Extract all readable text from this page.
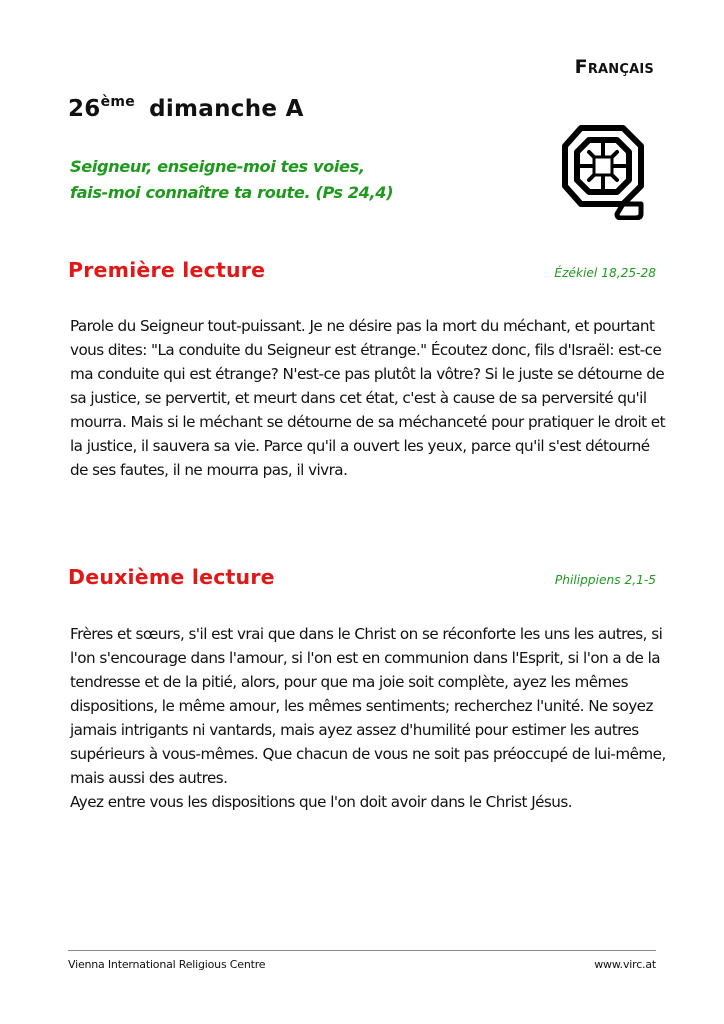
Français
26ème dimanche A
Seigneur, enseigne-moi tes voies,
fais-moi connaître ta route. (Ps 24,4)
Première lecture	Ézékiel 18,25-28

Parole du Seigneur tout-puissant. Je ne désire pas la mort du méchant, et pourtant vous dites: "La conduite du Seigneur est étrange." Écoutez donc, fils d'Israël: est-ce ma conduite qui est étrange? N'est-ce pas plutôt la vôtre? Si le juste se détourne de sa justice, se pervertit, et meurt dans cet état, c'est à cause de sa perversité qu'il mourra. Mais si le méchant se détourne de sa méchanceté pour pratiquer le droit et la justice, il sauvera sa vie. Parce qu'il a ouvert les yeux, parce qu'il s'est détourné de ses fautes, il ne mourra pas, il vivra.

Deuxième lecture	Philippiens 2,1-5

Frères et sœurs, s'il est vrai que dans le Christ on se réconforte les uns les autres, si l'on s'encourage dans l'amour, si l'on est en communion dans l'Esprit, si l'on a de la tendresse et de la pitié, alors, pour que ma joie soit complète, ayez les mêmes dispositions, le même amour, les mêmes sentiments; recherchez l'unité. Ne soyez jamais intrigants ni vantards, mais ayez assez d'humilité pour estimer les autres supérieurs à vous-mêmes. Que chacun de vous ne soit pas préoccupé de lui-même, mais aussi des autres.

Ayez entre vous les dispositions que l'on doit avoir dans le Christ Jésus.

Vienna International Religious Centre	www.virc.at
